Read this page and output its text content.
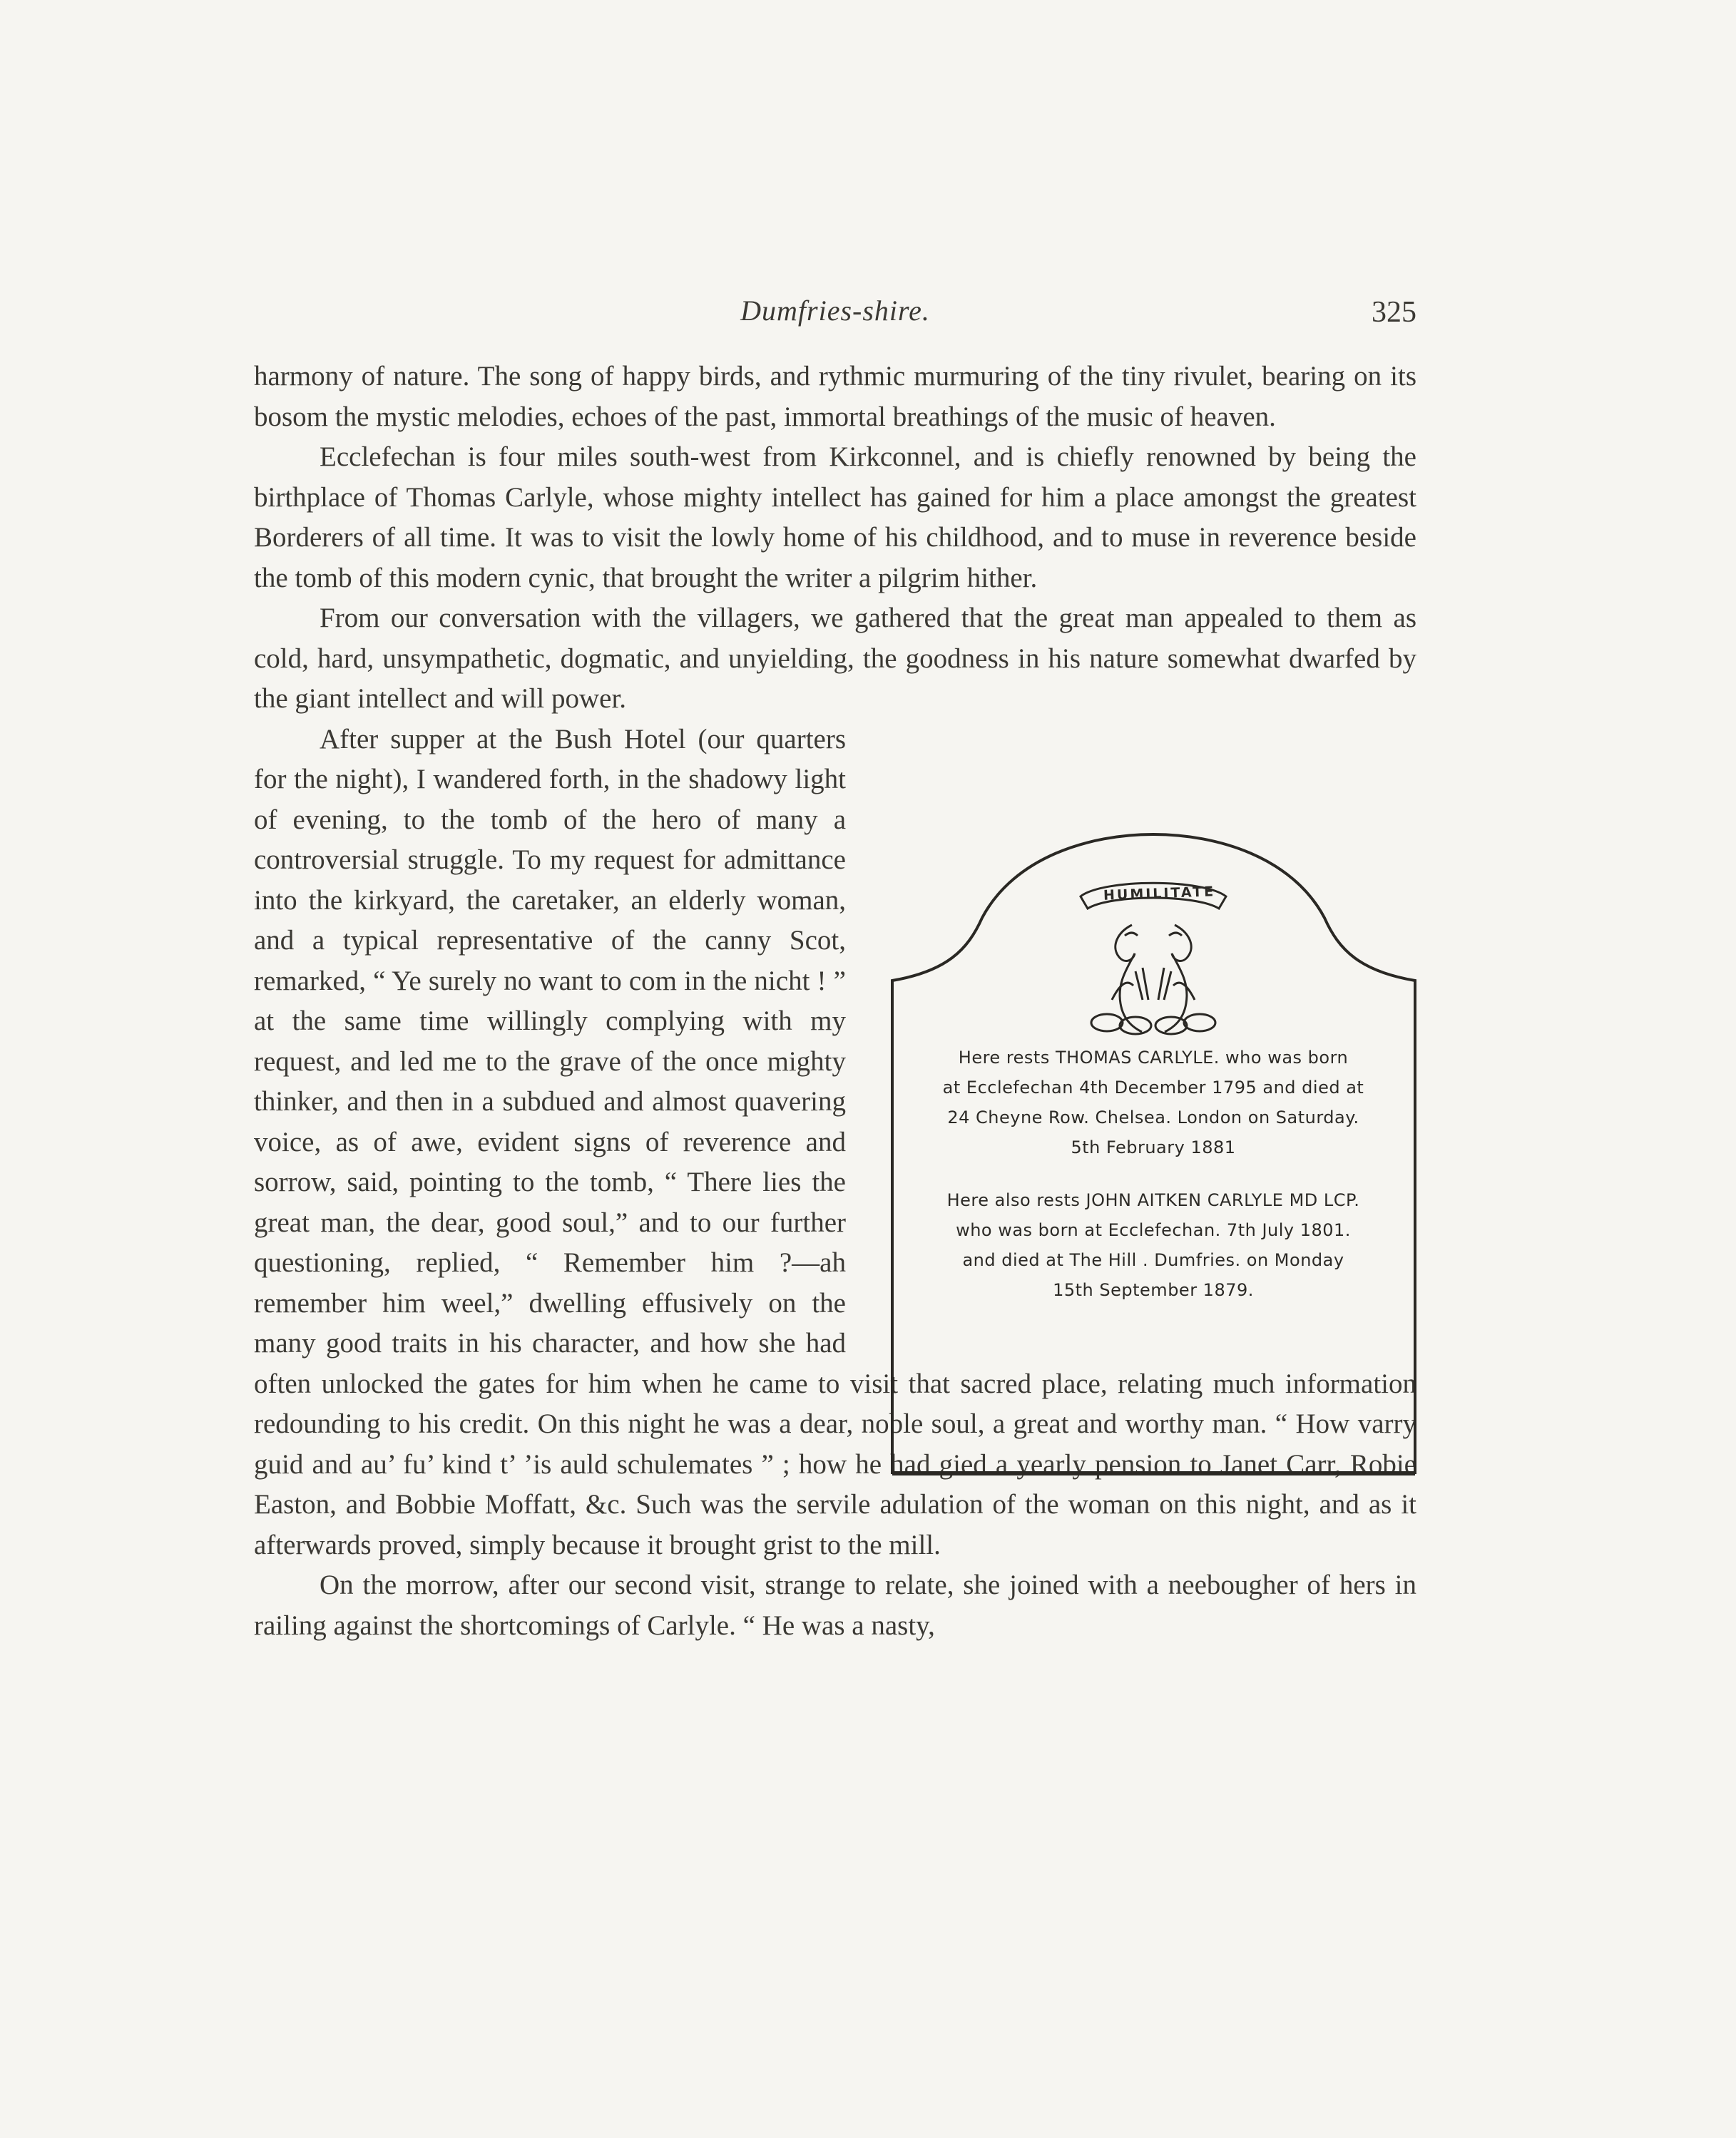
Dumfries-shire.	325

harmony of nature. The song of happy birds, and rythmic murmuring of the tiny rivulet, bearing on its bosom the mystic melodies, echoes of the past, immortal breathings of the music of heaven.

Ecclefechan is four miles south-west from Kirkconnel, and is chiefly renowned by being the birthplace of Thomas Carlyle, whose mighty intellect has gained for him a place amongst the greatest Borderers of all time. It was to visit the lowly home of his childhood, and to muse in reverence beside the tomb of this modern cynic, that brought the writer a pilgrim hither.

From our conversation with the villagers, we gathered that the great man appealed to them as cold, hard, unsympathetic, dogmatic, and unyielding, the goodness in his nature somewhat dwarfed by the giant intellect and will power.

After supper at the Bush Hotel (our quarters for the night), I wandered forth, in the shadowy light of evening, to the tomb of the hero of many a controversial struggle. To my request for admittance into the kirkyard, the caretaker, an elderly woman, and a typical representative of the canny Scot, remarked, “ Ye surely no want to com in the nicht ! ” at the same time willingly complying with my request, and led me to the grave of the once mighty thinker, and then in a subdued and almost quavering voice, as of awe, evident signs of reverence and sorrow, said, pointing to the tomb, “ There lies the great man, the dear, good soul,” and to our further questioning, replied, “ Remember him ?—ah remember him weel,” dwelling effusively on the many good traits in his character, and how she had often unlocked the gates for him when he came to visit that sacred place, relating much information redounding to his credit. On this night he was a dear, noble soul, a great and worthy man. “ How varry guid and au’ fu’ kind t’ ’is auld schulemates ” ; how he had gied a yearly pension to Janet Carr, Robie Easton, and Bobbie Moffatt, &c. Such was the servile adulation of the woman on this night, and as it afterwards proved, simply because it brought grist to the mill.

On the morrow, after our second visit, strange to relate, she joined with a neebougher of hers in railing against the shortcomings of Carlyle. “ He was a nasty,

HUMILITATE
Here rests THOMAS CARLYLE. who was born
at Ecclefechan 4th December 1795 and died at
24 Cheyne Row. Chelsea. London on Saturday.
5th February 1881
Here also rests JOHN AITKEN CARLYLE MD LCP.
who was born at Ecclefechan. 7th July 1801.
and died at The Hill . Dumfries. on Monday
15th September 1879.
